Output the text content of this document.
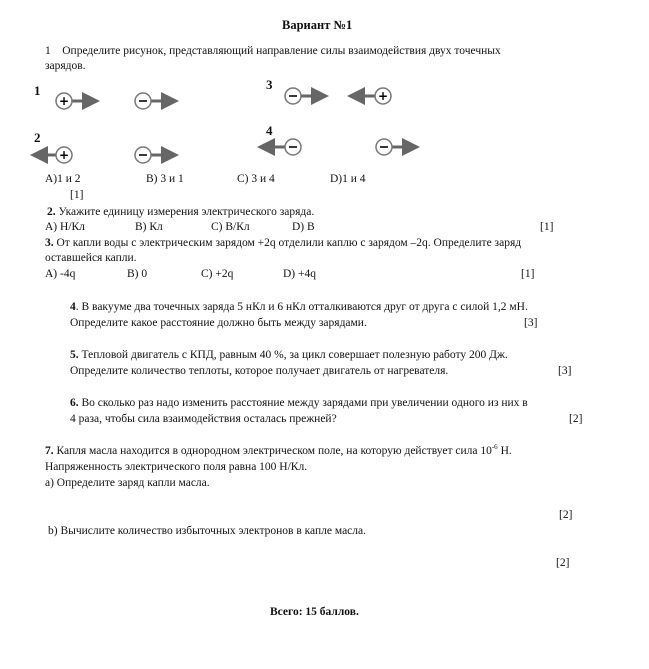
Вариант №1
1 Определите рисунок, представляющий направление силы взаимодействия двух точечных
зарядов.
1
2
3
4
+
+
+
A)1 и 2	B) 3 и 1	C) 3 и 4	D)1 и 4
[1]
2. Укажите единицу измерения электрического заряда.
A) Н/Кл	B) Кл	C) В/Кл	D) В	[1]
3. От капли воды с электрическим зарядом +2q отделили каплю с зарядом –2q. Определите заряд
оставшейся капли.
A) -4q	B) 0	C) +2q	D) +4q	[1]
4. В вакууме два точечных заряда 5 нКл и 6 нКл отталкиваются друг от друга с силой 1,2 мН.
Определите какое расстояние должно быть между зарядами.	[3]
5. Тепловой двигатель с КПД, равным 40 %, за цикл совершает полезную работу 200 Дж.
Определите количество теплоты, которое получает двигатель от нагревателя.	[3]
6. Во сколько раз надо изменить расстояние между зарядами при увеличении одного из них в
4 раза, чтобы сила взаимодействия осталась прежней?	[2]
7. Капля масла находится в однородном электрическом поле, на которую действует сила $10^{-6}$ Н.
Напряженность электрического поля равна 100 Н/Кл.
a) Определите заряд капли масла.
[2]
b) Вычислите количество избыточных электронов в капле масла.
[2]
Всего: 15 баллов.
